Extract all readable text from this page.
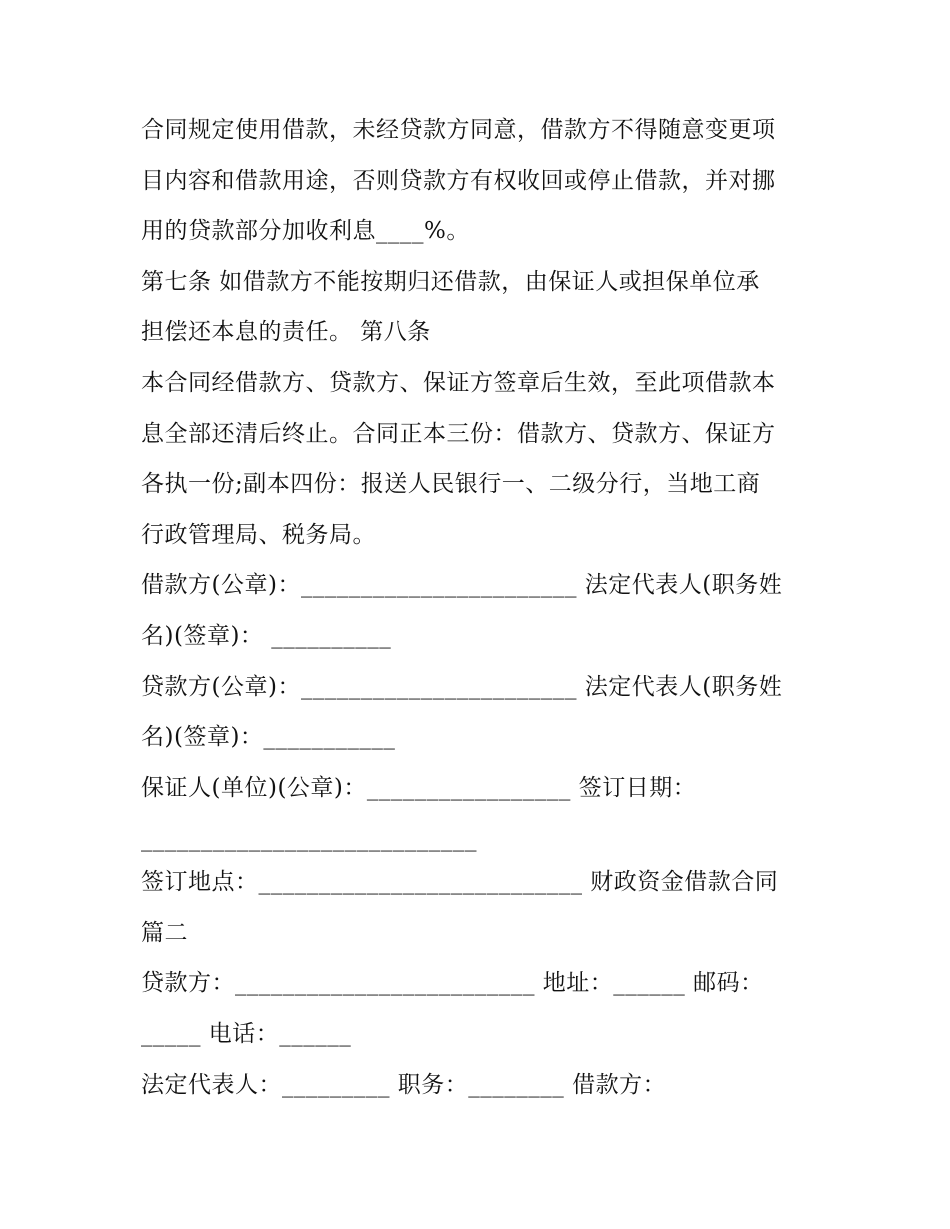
合同规定使用借款，未经贷款方同意，借款方不得随意变更项
目内容和借款用途，否则贷款方有权收回或停止借款，并对挪
用的贷款部分加收利息____%。
第七条 如借款方不能按期归还借款，由保证人或担保单位承
担偿还本息的责任。 第八条
本合同经借款方、贷款方、保证方签章后生效，至此项借款本
息全部还清后终止。合同正本三份：借款方、贷款方、保证方
各执一份;副本四份：报送人民银行一、二级分行，当地工商
行政管理局、税务局。
借款方(公章)：_______________________ 法定代表人(职务姓
名)(签章)： __________
贷款方(公章)：_______________________ 法定代表人(职务姓
名)(签章)：___________
保证人(单位)(公章)：_________________ 签订日期：
____________________________
签订地点：___________________________ 财政资金借款合同
篇二
贷款方：_________________________ 地址：______ 邮码：
_____ 电话：______
法定代表人：_________ 职务：________ 借款方：
